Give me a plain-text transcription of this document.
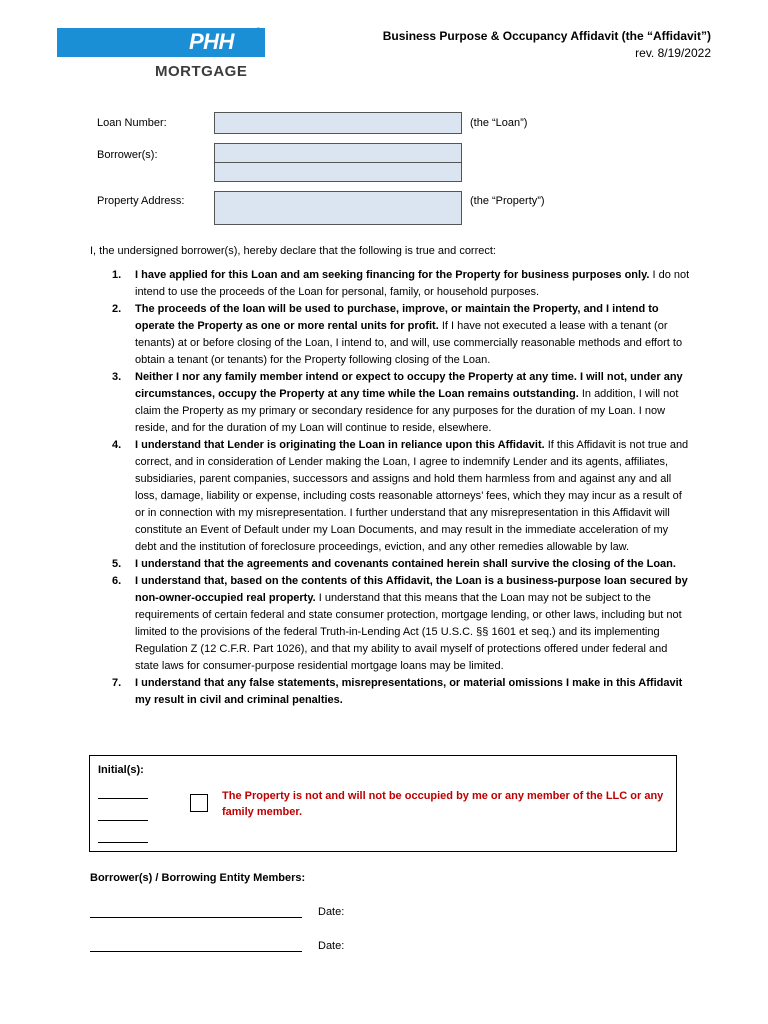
PHH ®
MORTGAGE
Business Purpose & Occupancy Affidavit (the “Affidavit”)
rev. 8/19/2022
Loan Number:	(the “Loan”)
Borrower(s):
Property Address:	(the “Property”)
I, the undersigned borrower(s), hereby declare that the following is true and correct:
1. I have applied for this Loan and am seeking financing for the Property for business purposes only. I do not intend to use the proceeds of the Loan for personal, family, or household purposes.
2. The proceeds of the loan will be used to purchase, improve, or maintain the Property, and I intend to operate the Property as one or more rental units for profit. If I have not executed a lease with a tenant (or tenants) at or before closing of the Loan, I intend to, and will, use commercially reasonable methods and effort to obtain a tenant (or tenants) for the Property following closing of the Loan.
3. Neither I nor any family member intend or expect to occupy the Property at any time. I will not, under any circumstances, occupy the Property at any time while the Loan remains outstanding. In addition, I will not claim the Property as my primary or secondary residence for any purposes for the duration of my Loan. I now reside, and for the duration of my Loan will continue to reside, elsewhere.
4. I understand that Lender is originating the Loan in reliance upon this Affidavit. If this Affidavit is not true and correct, and in consideration of Lender making the Loan, I agree to indemnify Lender and its agents, affiliates, subsidiaries, parent companies, successors and assigns and hold them harmless from and against any and all loss, damage, liability or expense, including costs reasonable attorneys’ fees, which they may incur as a result of or in connection with my misrepresentation. I further understand that any misrepresentation in this Affidavit will constitute an Event of Default under my Loan Documents, and may result in the immediate acceleration of my debt and the institution of foreclosure proceedings, eviction, and any other remedies allowable by law.
5. I understand that the agreements and covenants contained herein shall survive the closing of the Loan.
6. I understand that, based on the contents of this Affidavit, the Loan is a business-purpose loan secured by non-owner-occupied real property. I understand that this means that the Loan may not be subject to the requirements of certain federal and state consumer protection, mortgage lending, or other laws, including but not limited to the provisions of the federal Truth-in-Lending Act (15 U.S.C. §§ 1601 et seq.) and its implementing Regulation Z (12 C.F.R. Part 1026), and that my ability to avail myself of protections offered under federal and state laws for consumer-purpose residential mortgage loans may be limited.
7. I understand that any false statements, misrepresentations, or material omissions I make in this Affidavit my result in civil and criminal penalties.
Initial(s):
The Property is not and will not be occupied by me or any member of the LLC or any family member.
Borrower(s) / Borrowing Entity Members:
Date:
Date:
